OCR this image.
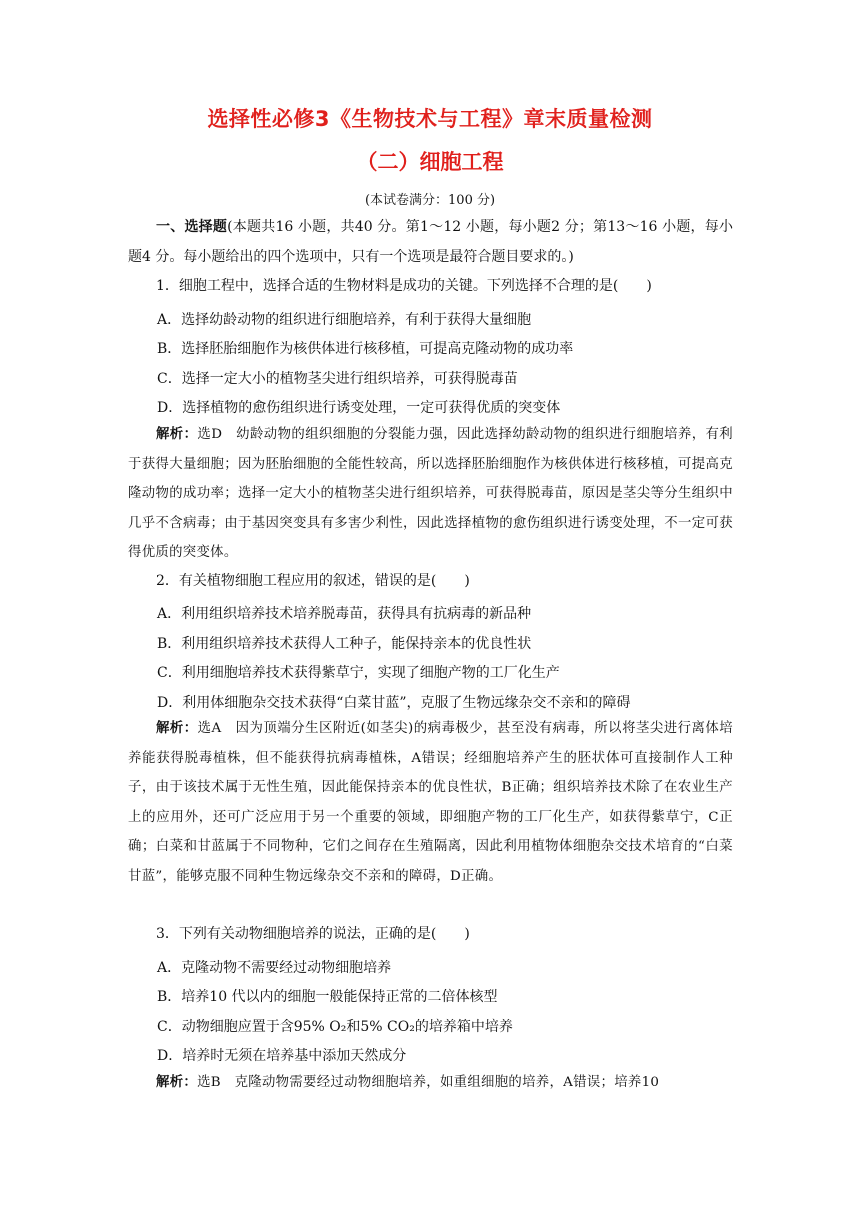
选择性必修3《生物技术与工程》章末质量检测
（二）细胞工程
(本试卷满分：100 分)

一、选择题(本题共16 小题，共40 分。第1～12 小题，每小题2 分；第13～16 小题，每小题4 分。每小题给出的四个选项中，只有一个选项是最符合题目要求的。)

1．细胞工程中，选择合适的生物材料是成功的关键。下列选择不合理的是(　　)

A．选择幼龄动物的组织进行细胞培养，有利于获得大量细胞

B．选择胚胎细胞作为核供体进行核移植，可提高克隆动物的成功率

C．选择一定大小的植物茎尖进行组织培养，可获得脱毒苗

D．选择植物的愈伤组织进行诱变处理，一定可获得优质的突变体

解析：选D　幼龄动物的组织细胞的分裂能力强，因此选择幼龄动物的组织进行细胞培养，有利于获得大量细胞；因为胚胎细胞的全能性较高，所以选择胚胎细胞作为核供体进行核移植，可提高克隆动物的成功率；选择一定大小的植物茎尖进行组织培养，可获得脱毒苗，原因是茎尖等分生组织中几乎不含病毒；由于基因突变具有多害少利性，因此选择植物的愈伤组织进行诱变处理，不一定可获得优质的突变体。

2．有关植物细胞工程应用的叙述，错误的是(　　)

A．利用组织培养技术培养脱毒苗，获得具有抗病毒的新品种

B．利用组织培养技术获得人工种子，能保持亲本的优良性状

C．利用细胞培养技术获得紫草宁，实现了细胞产物的工厂化生产

D．利用体细胞杂交技术获得“白菜甘蓝”，克服了生物远缘杂交不亲和的障碍

解析：选A　因为顶端分生区附近(如茎尖)的病毒极少，甚至没有病毒，所以将茎尖进行离体培养能获得脱毒植株，但不能获得抗病毒植株，A错误；经细胞培养产生的胚状体可直接制作人工种子，由于该技术属于无性生殖，因此能保持亲本的优良性状，B正确；组织培养技术除了在农业生产上的应用外，还可广泛应用于另一个重要的领域，即细胞产物的工厂化生产，如获得紫草宁，C正确；白菜和甘蓝属于不同物种，它们之间存在生殖隔离，因此利用植物体细胞杂交技术培育的“白菜甘蓝”，能够克服不同种生物远缘杂交不亲和的障碍，D正确。

3．下列有关动物细胞培养的说法，正确的是(　　)

A．克隆动物不需要经过动物细胞培养

B．培养10 代以内的细胞一般能保持正常的二倍体核型

C．动物细胞应置于含95% O₂和5% CO₂的培养箱中培养

D．培养时无须在培养基中添加天然成分

解析：选B　克隆动物需要经过动物细胞培养，如重组细胞的培养，A错误；培养10
